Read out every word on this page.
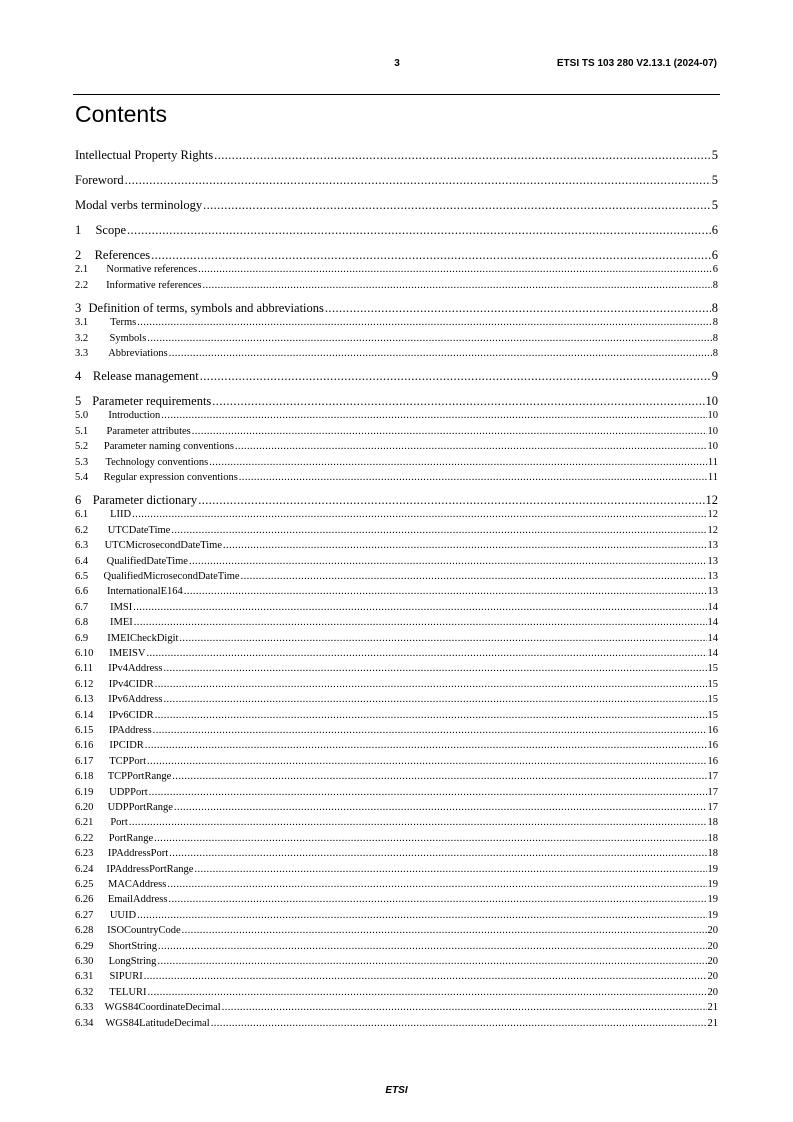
3	ETSI TS 103 280 V2.13.1 (2024-07)
Contents
Intellectual Property Rights .....	5
Foreword .....	5
Modal verbs terminology .....	5
1	Scope .....	6
2	References .....	6
2.1	Normative references .....	6
2.2	Informative references .....	8
3 Definition of terms, symbols and abbreviations .....	8
3.1	Terms .....	8
3.2	Symbols .....	8
3.3	Abbreviations .....	8
4 Release management .....	9
5 Parameter requirements .....	10
5.0	Introduction .....	10
5.1	Parameter attributes .....	10
5.2	Parameter naming conventions .....	10
5.3	Technology conventions .....	11
5.4	Regular expression conventions .....	11
6 Parameter dictionary .....	12
6.1	LIID .....	12
6.2	UTCDateTime .....	12
6.3	UTCMicrosecondDateTime .....	13
6.4	QualifiedDateTime .....	13
6.5	QualifiedMicrosecondDateTime .....	13
6.6	InternationalE164 .....	13
6.7	IMSI .....	14
6.8	IMEI .....	14
6.9	IMEICheckDigit .....	14
6.10	IMEISV .....	14
6.11	IPv4Address .....	15
6.12	IPv4CIDR .....	15
6.13	IPv6Address .....	15
6.14	IPv6CIDR .....	15
6.15	IPAddress .....	16
6.16	IPCIDR .....	16
6.17	TCPPort .....	16
6.18	TCPPortRange .....	17
6.19	UDPPort .....	17
6.20	UDPPortRange .....	17
6.21	Port .....	18
6.22	PortRange .....	18
6.23	IPAddressPort .....	18
6.24	IPAddressPortRange .....	19
6.25	MACAddress .....	19
6.26	EmailAddress .....	19
6.27	UUID .....	19
6.28	ISOCountryCode .....	20
6.29	ShortString .....	20
6.30	LongString .....	20
6.31	SIPURI .....	20
6.32	TELURI .....	20
6.33	WGS84CoordinateDecimal .....	21
6.34	WGS84LatitudeDecimal .....	21
ETSI
